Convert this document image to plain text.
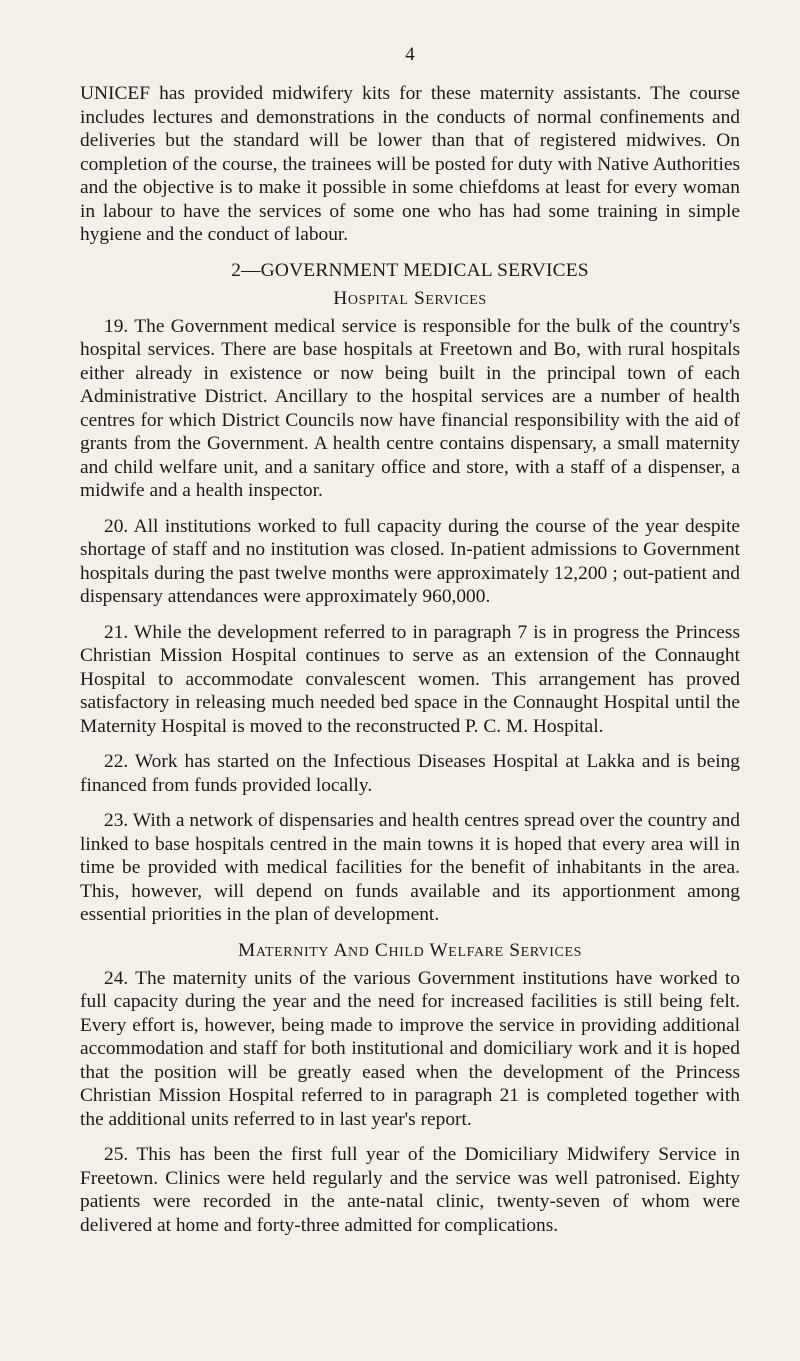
4

UNICEF has provided midwifery kits for these maternity assistants. The course includes lectures and demonstrations in the conducts of normal confinements and deliveries but the standard will be lower than that of registered midwives. On completion of the course, the trainees will be posted for duty with Native Authorities and the objective is to make it possible in some chiefdoms at least for every woman in labour to have the services of some one who has had some training in simple hygiene and the conduct of labour.

2—GOVERNMENT MEDICAL SERVICES
Hospital Services

19. The Government medical service is responsible for the bulk of the country's hospital services. There are base hospitals at Freetown and Bo, with rural hospitals either already in existence or now being built in the principal town of each Administrative District. Ancillary to the hospital services are a number of health centres for which District Councils now have financial responsibility with the aid of grants from the Government. A health centre contains dispensary, a small maternity and child welfare unit, and a sanitary office and store, with a staff of a dispenser, a midwife and a health inspector.

20. All institutions worked to full capacity during the course of the year despite shortage of staff and no institution was closed. In-patient admissions to Government hospitals during the past twelve months were approximately 12,200 ; out-patient and dispensary attendances were approximately 960,000.

21. While the development referred to in paragraph 7 is in progress the Princess Christian Mission Hospital continues to serve as an extension of the Connaught Hospital to accommodate convalescent women. This arrangement has proved satisfactory in releasing much needed bed space in the Connaught Hospital until the Maternity Hospital is moved to the reconstructed P. C. M. Hospital.

22. Work has started on the Infectious Diseases Hospital at Lakka and is being financed from funds provided locally.

23. With a network of dispensaries and health centres spread over the country and linked to base hospitals centred in the main towns it is hoped that every area will in time be provided with medical facilities for the benefit of inhabitants in the area. This, however, will depend on funds available and its apportionment among essential priorities in the plan of development.

Maternity And Child Welfare Services

24. The maternity units of the various Government institutions have worked to full capacity during the year and the need for increased facilities is still being felt. Every effort is, however, being made to improve the service in providing additional accommodation and staff for both institutional and domiciliary work and it is hoped that the position will be greatly eased when the development of the Princess Christian Mission Hospital referred to in paragraph 21 is completed together with the additional units referred to in last year's report.

25. This has been the first full year of the Domiciliary Midwifery Service in Freetown. Clinics were held regularly and the service was well patronised. Eighty patients were recorded in the ante-natal clinic, twenty-seven of whom were delivered at home and forty-three admitted for complications.
